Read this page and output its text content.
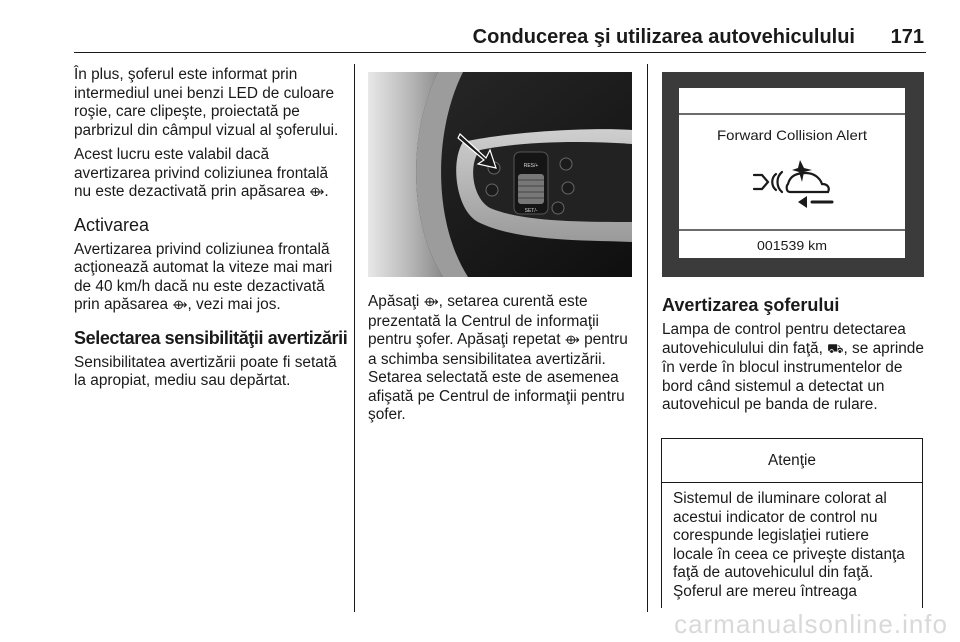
Conducerea şi utilizarea autovehiculului	171

În plus, şoferul este informat prin intermediul unei benzi LED de culoare roşie, care clipeşte, proiectată pe parbrizul din câmpul vizual al şoferului.

Acest lucru este valabil dacă avertizarea privind coliziunea frontală nu este dezactivată prin apăsarea ⟴.

Activarea

Avertizarea privind coliziunea frontală acţionează automat la viteze mai mari de 40 km/h dacă nu este dezactivată prin apăsarea ⟴, vezi mai jos.

Selectarea sensibilităţii avertizării

Sensibilitatea avertizării poate fi setată la apropiat, mediu sau depărtat.

RES/+
SET/-

Apăsaţi ⟴, setarea curentă este prezentată la Centrul de informaţii pentru şofer. Apăsaţi repetat ⟴ pentru a schimba sensibilitatea avertizării. Setarea selectată este de asemenea afişată pe Centrul de informaţii pentru şofer.

Forward Collision Alert
001539 km
Avertizarea şoferului

Lampa de control pentru detectarea autovehiculului din faţă, ⛟, se aprinde în verde în blocul instrumentelor de bord când sistemul a detectat un autovehicul pe banda de rulare.

Atenţie
Sistemul de iluminare colorat al acestui indicator de control nu corespunde legislaţiei rutiere locale în ceea ce priveşte distanţa faţă de autovehiculul din faţă. Şoferul are mereu întreaga
carmanualsonline.info
